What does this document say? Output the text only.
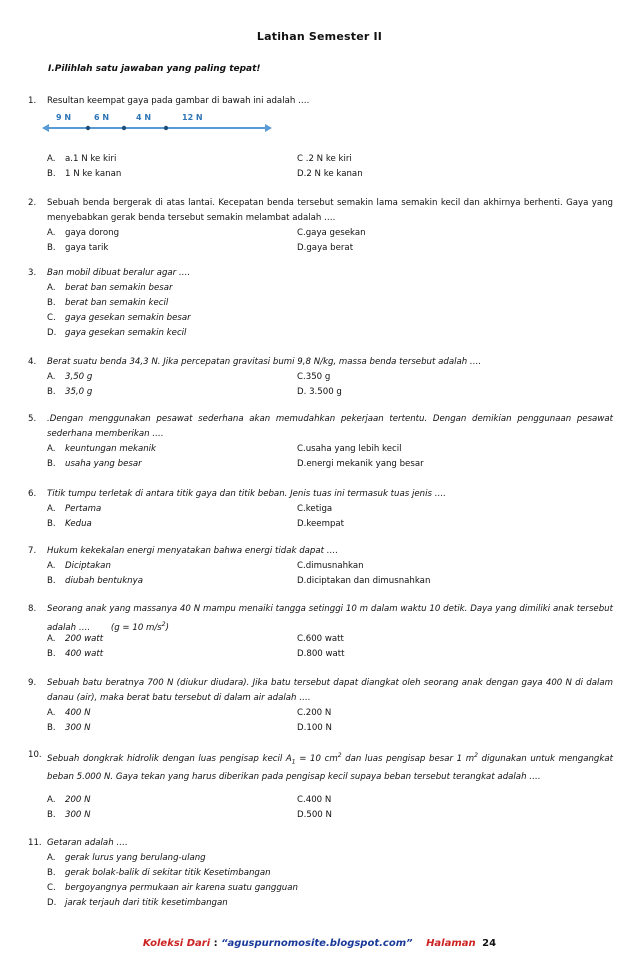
Latihan Semester II
I.Pilihlah satu jawaban yang paling tepat!
1. Resultan keempat gaya pada gambar di bawah ini adalah ….
9 N	6 N	4 N	12 N
A. a.1 N ke kiri	C .2 N ke kiri
B. 1 N ke kanan	D.2 N ke kanan
2. Sebuah benda bergerak di atas lantai. Kecepatan benda tersebut semakin lama semakin kecil dan akhirnya berhenti. Gaya yang menyebabkan gerak benda tersebut semakin melambat adalah ….
A. gaya dorong	C.gaya gesekan
B. gaya tarik	D.gaya berat
3. Ban mobil dibuat beralur agar ….
A. berat ban semakin besar
B. berat ban semakin kecil
C. gaya gesekan semakin besar
D. gaya gesekan semakin kecil
4. Berat suatu benda 34,3 N. Jika percepatan gravitasi bumi 9,8 N/kg, massa benda tersebut adalah ….
A. 3,50 g	C.350 g
B. 35,0 g	D. 3.500 g
5. .Dengan menggunakan pesawat sederhana akan memudahkan pekerjaan tertentu. Dengan demikian penggunaan pesawat sederhana memberikan ….
A. keuntungan mekanik	C.usaha yang lebih kecil
B. usaha yang besar	D.energi mekanik yang besar
6. Titik tumpu terletak di antara titik gaya dan titik beban. Jenis tuas ini termasuk tuas jenis ….
A. Pertama	C.ketiga
B. Kedua	D.keempat
7. Hukum kekekalan energi menyatakan bahwa energi tidak dapat ….
A. Diciptakan	C.dimusnahkan
B. diubah bentuknya	D.diciptakan dan dimusnahkan
8. Seorang anak yang massanya 40 N mampu menaiki tangga setinggi 10 m dalam waktu 10 detik. Daya yang dimiliki anak tersebut adalah …. (g = 10 $m/s^2$)
A. 200 watt	C.600 watt
B. 400 watt	D.800 watt
9. Sebuah batu beratnya 700 N (diukur diudara). Jika batu tersebut dapat diangkat oleh seorang anak dengan gaya 400 N di dalam danau (air), maka berat batu tersebut di dalam air adalah ….
A. 400 N	C.200 N
B. 300 N	D.100 N
10. Sebuah dongkrak hidrolik dengan luas pengisap kecil $A_1 = 10$ $cm^2$ dan luas pengisap besar 1 $m^2$ digunakan untuk mengangkat beban 5.000 N. Gaya tekan yang harus diberikan pada pengisap kecil supaya beban tersebut terangkat adalah ….
A. 200 N	C.400 N
B. 300 N	D.500 N
11. Getaran adalah ….
A. gerak lurus yang berulang-ulang
B. gerak bolak-balik di sekitar titik Kesetimbangan
C. bergoyangnya permukaan air karena suatu gangguan
D. jarak terjauh dari titik kesetimbangan
Koleksi Dari : “aguspurnomosite.blogspot.com” Halaman 24
